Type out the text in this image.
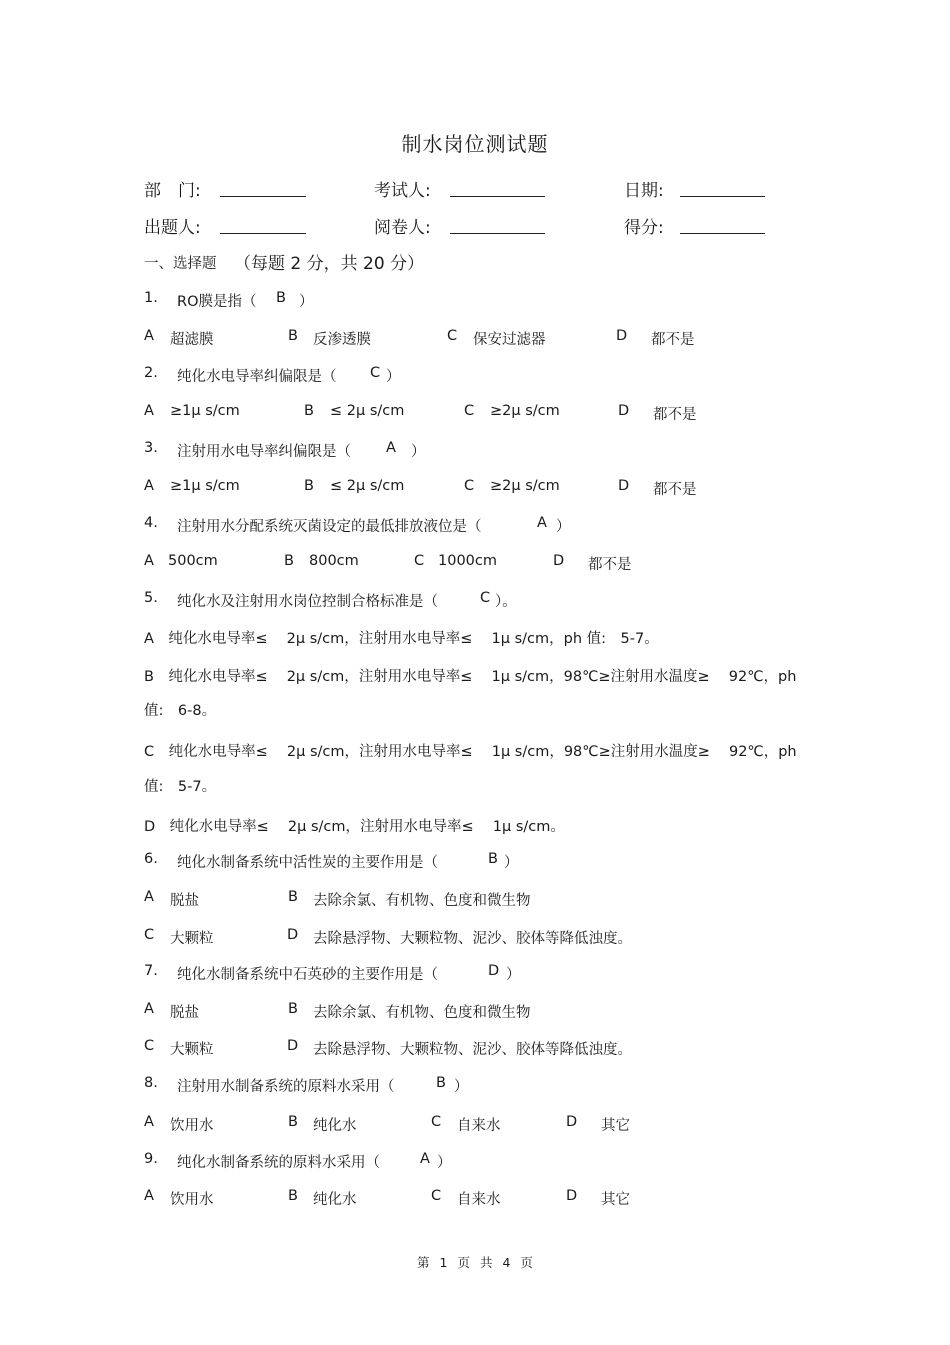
制水岗位测试题
部　门:	考试人:	日期:
出题人:	阅卷人:	得分:
一、选择题 （每题 2 分，共 20 分）
1. RO膜是指（ B ）
A 超滤膜	B 反渗透膜	C 保安过滤器	D 都不是
2. 纯化水电导率纠偏限是（ C ）
A ≥1μ s/cm	B ≤ 2μ s/cm	C ≥2μ s/cm	D 都不是
3. 注射用水电导率纠偏限是（ A ）
A ≥1μ s/cm	B ≤ 2μ s/cm	C ≥2μ s/cm	D 都不是
4. 注射用水分配系统灭菌设定的最低排放液位是（	A ）
A 500cm	B 800cm	C 1000cm	D 都不是
5. 纯化水及注射用水岗位控制合格标准是（	C ）。
A　纯化水电导率≤　 2μ s/cm，注射用水电导率≤　 1μ s/cm，ph 值:　5-7。
B　纯化水电导率≤　 2μ s/cm，注射用水电导率≤　 1μ s/cm，98℃≥注射用水温度≥　 92℃，ph
值:　6-8。
C　纯化水电导率≤　 2μ s/cm，注射用水电导率≤　 1μ s/cm，98℃≥注射用水温度≥　 92℃，ph
值:　5-7。
D　纯化水电导率≤　 2μ s/cm，注射用水电导率≤　 1μ s/cm。
6. 纯化水制备系统中活性炭的主要作用是（	B ）
A 脱盐	B 去除余氯、有机物、色度和微生物
C 大颗粒	D 去除悬浮物、大颗粒物、泥沙、胶体等降低浊度。
7. 纯化水制备系统中石英砂的主要作用是（	D ）
A 脱盐	B 去除余氯、有机物、色度和微生物
C 大颗粒	D 去除悬浮物、大颗粒物、泥沙、胶体等降低浊度。
8. 注射用水制备系统的原料水采用（	B ）
A 饮用水	B 纯化水	C 自来水	D 其它
9. 纯化水制备系统的原料水采用（	A ）
A 饮用水	B 纯化水	C 自来水	D 其它
第 1 页 共 4 页
